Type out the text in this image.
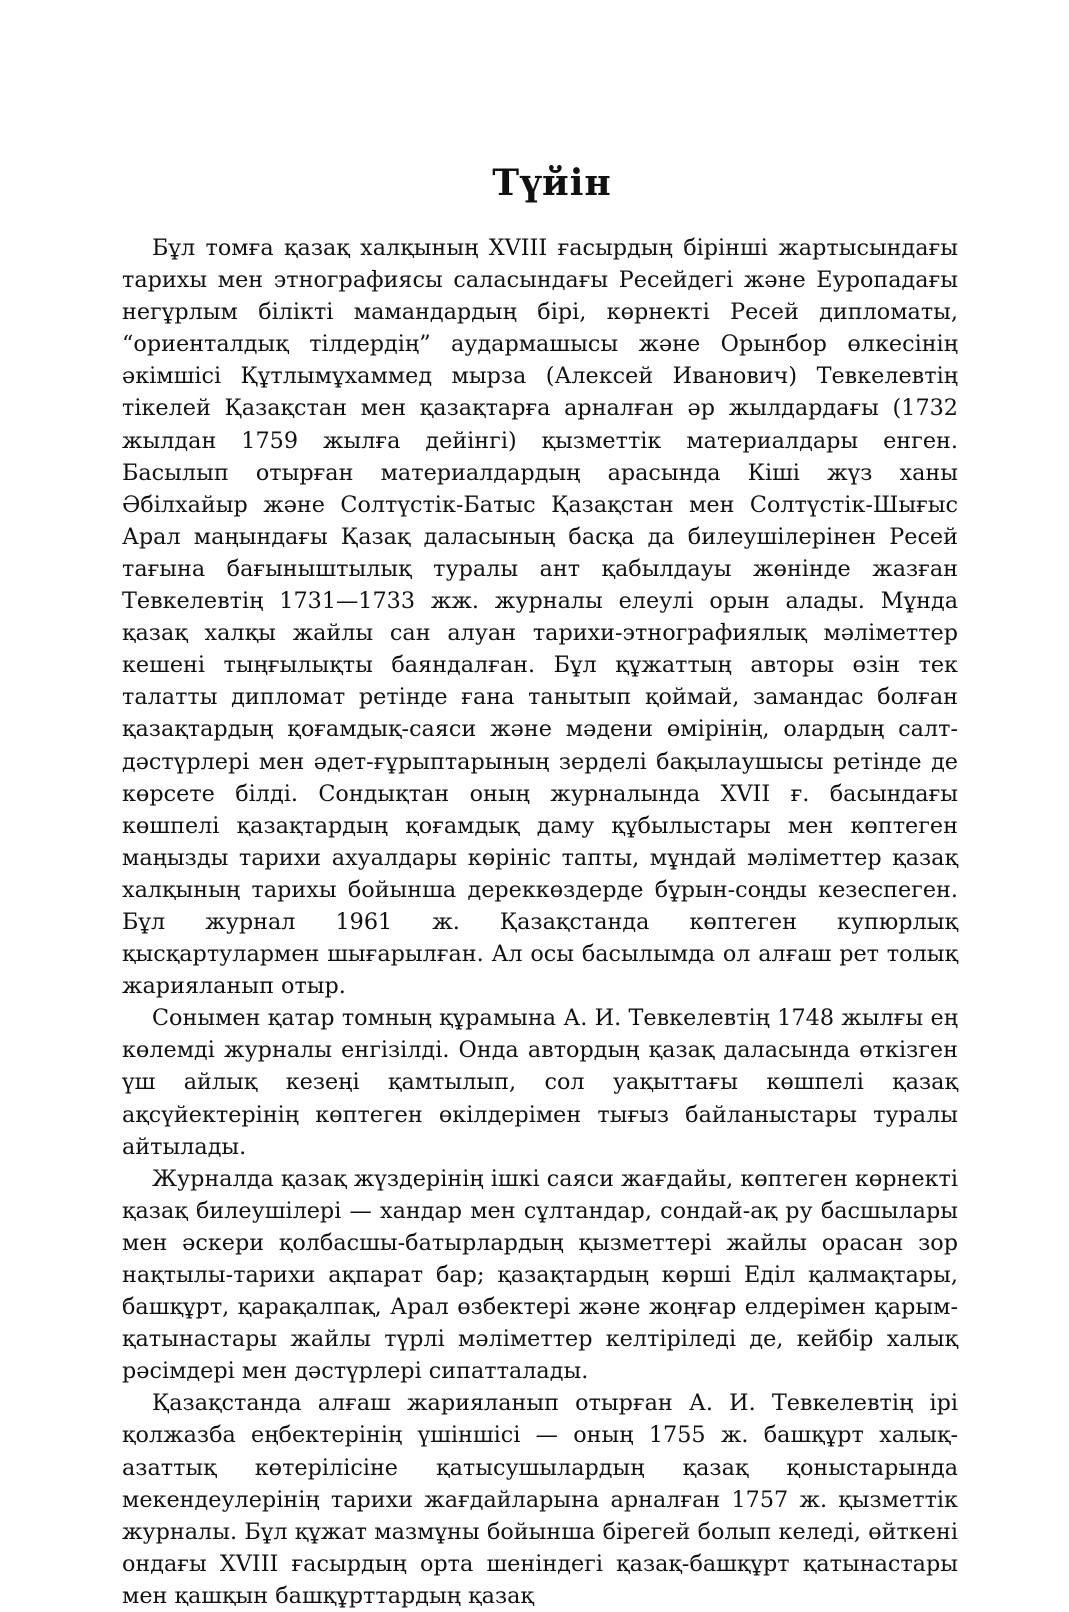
Түйін

Бұл томға қазақ халқының XVIII ғасырдың бірінші жартысындағы тарихы мен этнографиясы саласындағы Ресейдегі және Еуропадағы негұрлым білікті мамандардың бірі, көрнекті Ресей дипломаты, “ориенталдық тілдердің” аудармашысы және Орынбор өлкесінің әкімшісі Құтлымұхаммед мырза (Алексей Иванович) Тевкелевтің тікелей Қазақстан мен қазақтарға арналған әр жылдардағы (1732 жылдан 1759 жылға дейінгі) қызметтік материалдары енген. Басылып отырған материалдардың арасында Кіші жүз ханы Әбілхайыр және Солтүстік-Батыс Қазақстан мен Солтүстік-Шығыс Арал маңындағы Қазақ даласының басқа да билеушілерінен Ресей тағына бағыныштылық туралы ант қабылдауы жөнінде жазған Тевкелевтің 1731—1733 жж. журналы елеулі орын алады. Мұнда қазақ халқы жайлы сан алуан тарихи-этнографиялық мәліметтер кешені тыңғылықты баяндалған. Бұл құжаттың авторы өзін тек талатты дипломат ретінде ғана танытып қоймай, замандас болған қазақтардың қоғамдық-саяси және мәдени өмірінің, олардың салт-дәстүрлері мен әдет-ғұрыптарының зерделі бақылаушысы ретінде де көрсете білді. Сондықтан оның журналында XVII ғ. басындағы көшпелі қазақтардың қоғамдық даму құбылыстары мен көптеген маңызды тарихи ахуалдары көрініс тапты, мұндай мәліметтер қазақ халқының тарихы бойынша дереккөздерде бұрын-соңды кезеспеген. Бұл журнал 1961 ж. Қазақстанда көптеген купюрлық қысқартулармен шығарылған. Ал осы басылымда ол алғаш рет толық жарияланып отыр.

Сонымен қатар томның құрамына А. И. Тевкелевтің 1748 жылғы ең көлемді журналы енгізілді. Онда автордың қазақ даласында өткізген үш айлық кезеңі қамтылып, сол уақыттағы көшпелі қазақ ақсүйектерінің көптеген өкілдерімен тығыз байланыстары туралы айтылады.

Журналда қазақ жүздерінің ішкі саяси жағдайы, көптеген көрнекті қазақ билеушілері — хандар мен сұлтандар, сондай-ақ ру басшылары мен әскери қолбасшы-батырлардың қызметтері жайлы орасан зор нақтылы-тарихи ақпарат бар; қазақтардың көрші Еділ қалмақтары, башқұрт, қарақалпақ, Арал өзбектері және жоңғар елдерімен қарым-қатынастары жайлы түрлі мәліметтер келтіріледі де, кейбір халық рәсімдері мен дәстүрлері сипатталады.

Қазақстанда алғаш жарияланып отырған А. И. Тевкелевтің ірі қолжазба еңбектерінің үшіншісі — оның 1755 ж. башқұрт халық-азаттық көтерілісіне қатысушылардың қазақ қоныстарында мекендеулерінің тарихи жағдайларына арналған 1757 ж. қызметтік журналы. Бұл құжат мазмұны бойынша бірегей болып келеді, өйткені ондағы XVIII ғасырдың орта шеніндегі қазақ-башқұрт қатынастары мен қашқын башқұрттардың қазақ
